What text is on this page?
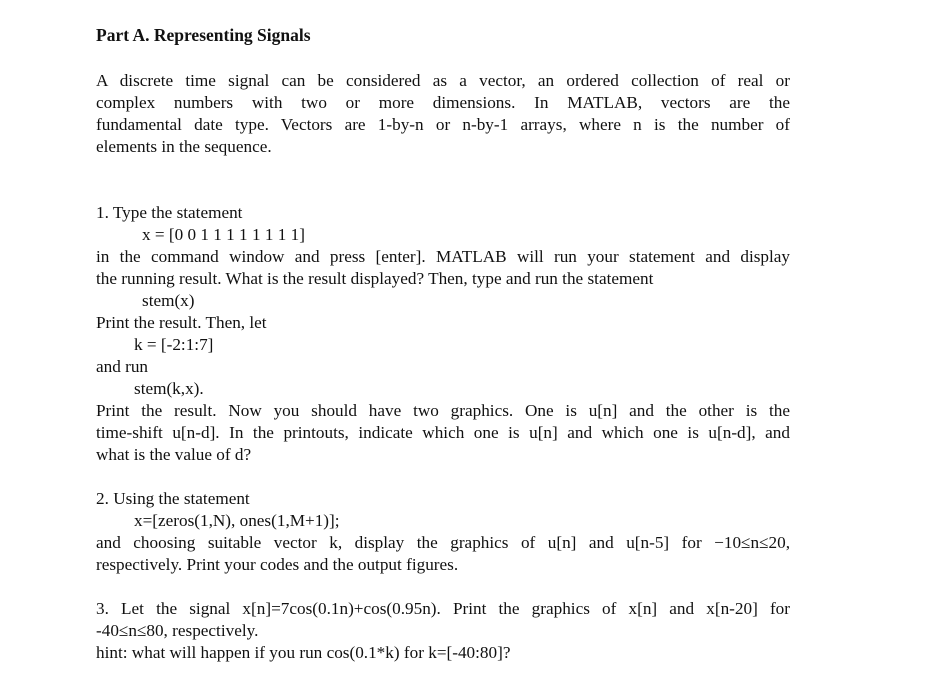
Part A. Representing Signals
A discrete time signal can be considered as a vector, an ordered collection of real or
complex numbers with two or more dimensions. In MATLAB, vectors are the
fundamental date type. Vectors are 1-by-n or n-by-1 arrays, where n is the number of
elements in the sequence.
1. Type the statement
x = [0 0 1 1 1 1 1 1 1 1]
in the command window and press [enter]. MATLAB will run your statement and display
the running result. What is the result displayed? Then, type and run the statement
stem(x)
Print the result. Then, let
k = [-2:1:7]
and run
stem(k,x).
Print the result. Now you should have two graphics. One is u[n] and the other is the
time-shift u[n-d]. In the printouts, indicate which one is u[n] and which one is u[n-d], and
what is the value of d?
2. Using the statement
x=[zeros(1,N), ones(1,M+1)];
and choosing suitable vector k, display the graphics of u[n] and u[n-5] for −10≤n≤20,
respectively. Print your codes and the output figures.
3. Let the signal x[n]=7cos(0.1n)+cos(0.95n). Print the graphics of x[n] and x[n-20] for
-40≤n≤80, respectively.
hint: what will happen if you run cos(0.1*k) for k=[-40:80]?
